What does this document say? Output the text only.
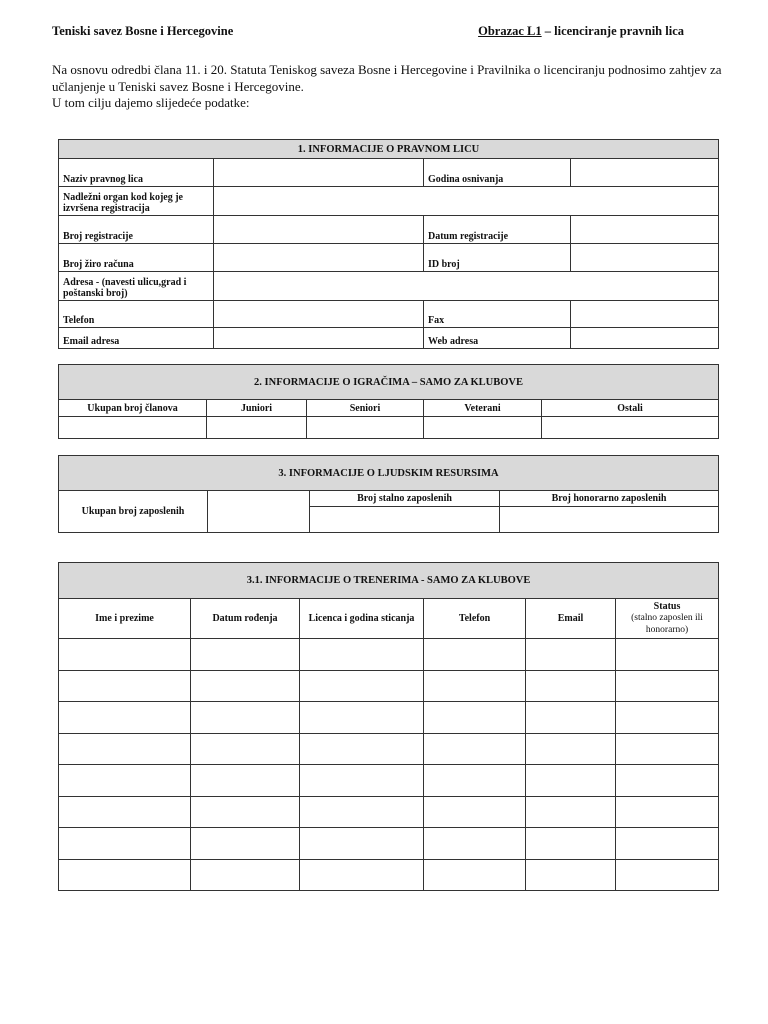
Teniski savez Bosne i Hercegovine	Obrazac L1 – licenciranje pravnih lica

Na osnovu odredbi člana 11. i 20. Statuta Teniskog saveza Bosne i Hercegovine i Pravilnika o licenciranju podnosimo zahtjev za učlanjenje u Teniski savez Bosne i Hercegovine.

U tom cilju dajemo slijedeće podatke:

1. INFORMACIJE O PRAVNOM LICU			
Naziv pravnog lica		Godina osnivanja	
Nadležni organ kod kojeg je izvršena registracija			
Broj registracije		Datum registracije	
Broj žiro računa		ID broj	
Adresa - (navesti ulicu,grad i poštanski broj)			
Telefon		Fax	
Email adresa		Web adresa	
2. INFORMACIJE O IGRAČIMA – SAMO ZA KLUBOVE				
Ukupan broj članova	Juniori	Seniori	Veterani	Ostali

3. INFORMACIJE O LJUDSKIM RESURSIMA			
Ukupan broj zaposlenih		Broj stalno zaposlenih	Broj honorarno zaposlenih

3.1. INFORMACIJE O TRENERIMA - SAMO ZA KLUBOVE					
Ime i prezime	Datum rođenja	Licenca i godina sticanja	Telefon	Email	Status
(stalno zaposlen ili honorarno)
